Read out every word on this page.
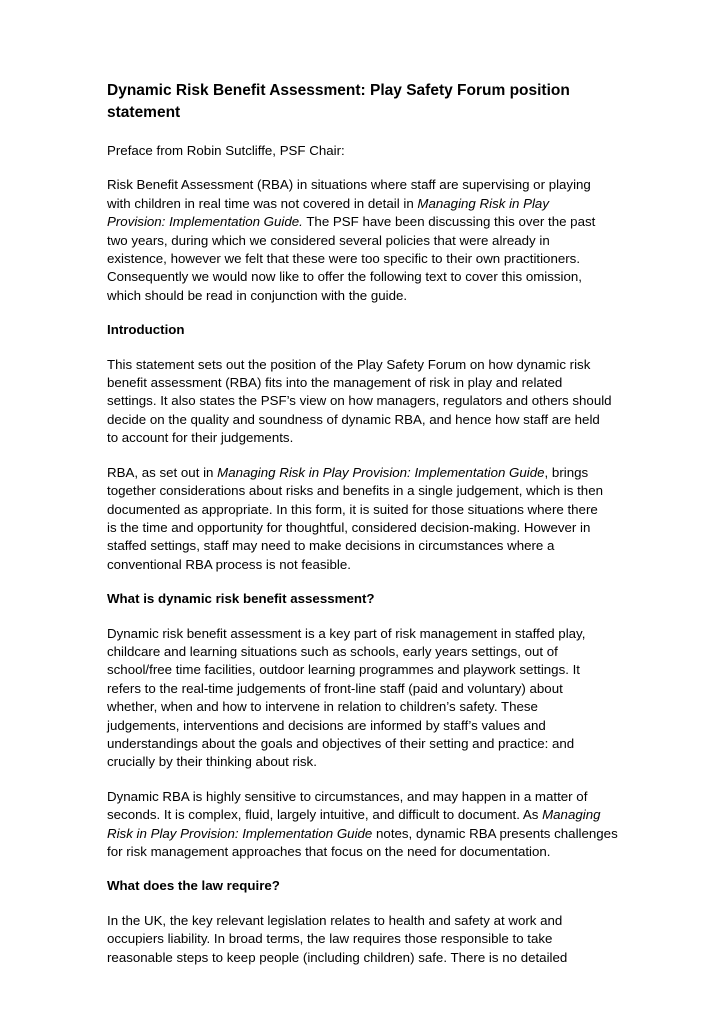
Dynamic Risk Benefit Assessment: Play Safety Forum position
statement
Preface from Robin Sutcliffe, PSF Chair:
Risk Benefit Assessment (RBA) in situations where staff are supervising or playing
with children in real time was not covered in detail in Managing Risk in Play
Provision: Implementation Guide. The PSF have been discussing this over the past
two years, during which we considered several policies that were already in
existence, however we felt that these were too specific to their own practitioners.
Consequently we would now like to offer the following text to cover this omission,
which should be read in conjunction with the guide.
Introduction
This statement sets out the position of the Play Safety Forum on how dynamic risk
benefit assessment (RBA) fits into the management of risk in play and related
settings. It also states the PSF’s view on how managers, regulators and others should
decide on the quality and soundness of dynamic RBA, and hence how staff are held
to account for their judgements.
RBA, as set out in Managing Risk in Play Provision: Implementation Guide, brings
together considerations about risks and benefits in a single judgement, which is then
documented as appropriate. In this form, it is suited for those situations where there
is the time and opportunity for thoughtful, considered decision-making. However in
staffed settings, staff may need to make decisions in circumstances where a
conventional RBA process is not feasible.
What is dynamic risk benefit assessment?
Dynamic risk benefit assessment is a key part of risk management in staffed play,
childcare and learning situations such as schools, early years settings, out of
school/free time facilities, outdoor learning programmes and playwork settings. It
refers to the real-time judgements of front-line staff (paid and voluntary) about
whether, when and how to intervene in relation to children’s safety. These
judgements, interventions and decisions are informed by staff’s values and
understandings about the goals and objectives of their setting and practice: and
crucially by their thinking about risk.
Dynamic RBA is highly sensitive to circumstances, and may happen in a matter of
seconds. It is complex, fluid, largely intuitive, and difficult to document. As Managing
Risk in Play Provision: Implementation Guide notes, dynamic RBA presents challenges
for risk management approaches that focus on the need for documentation.
What does the law require?
In the UK, the key relevant legislation relates to health and safety at work and
occupiers liability. In broad terms, the law requires those responsible to take
reasonable steps to keep people (including children) safe. There is no detailed
